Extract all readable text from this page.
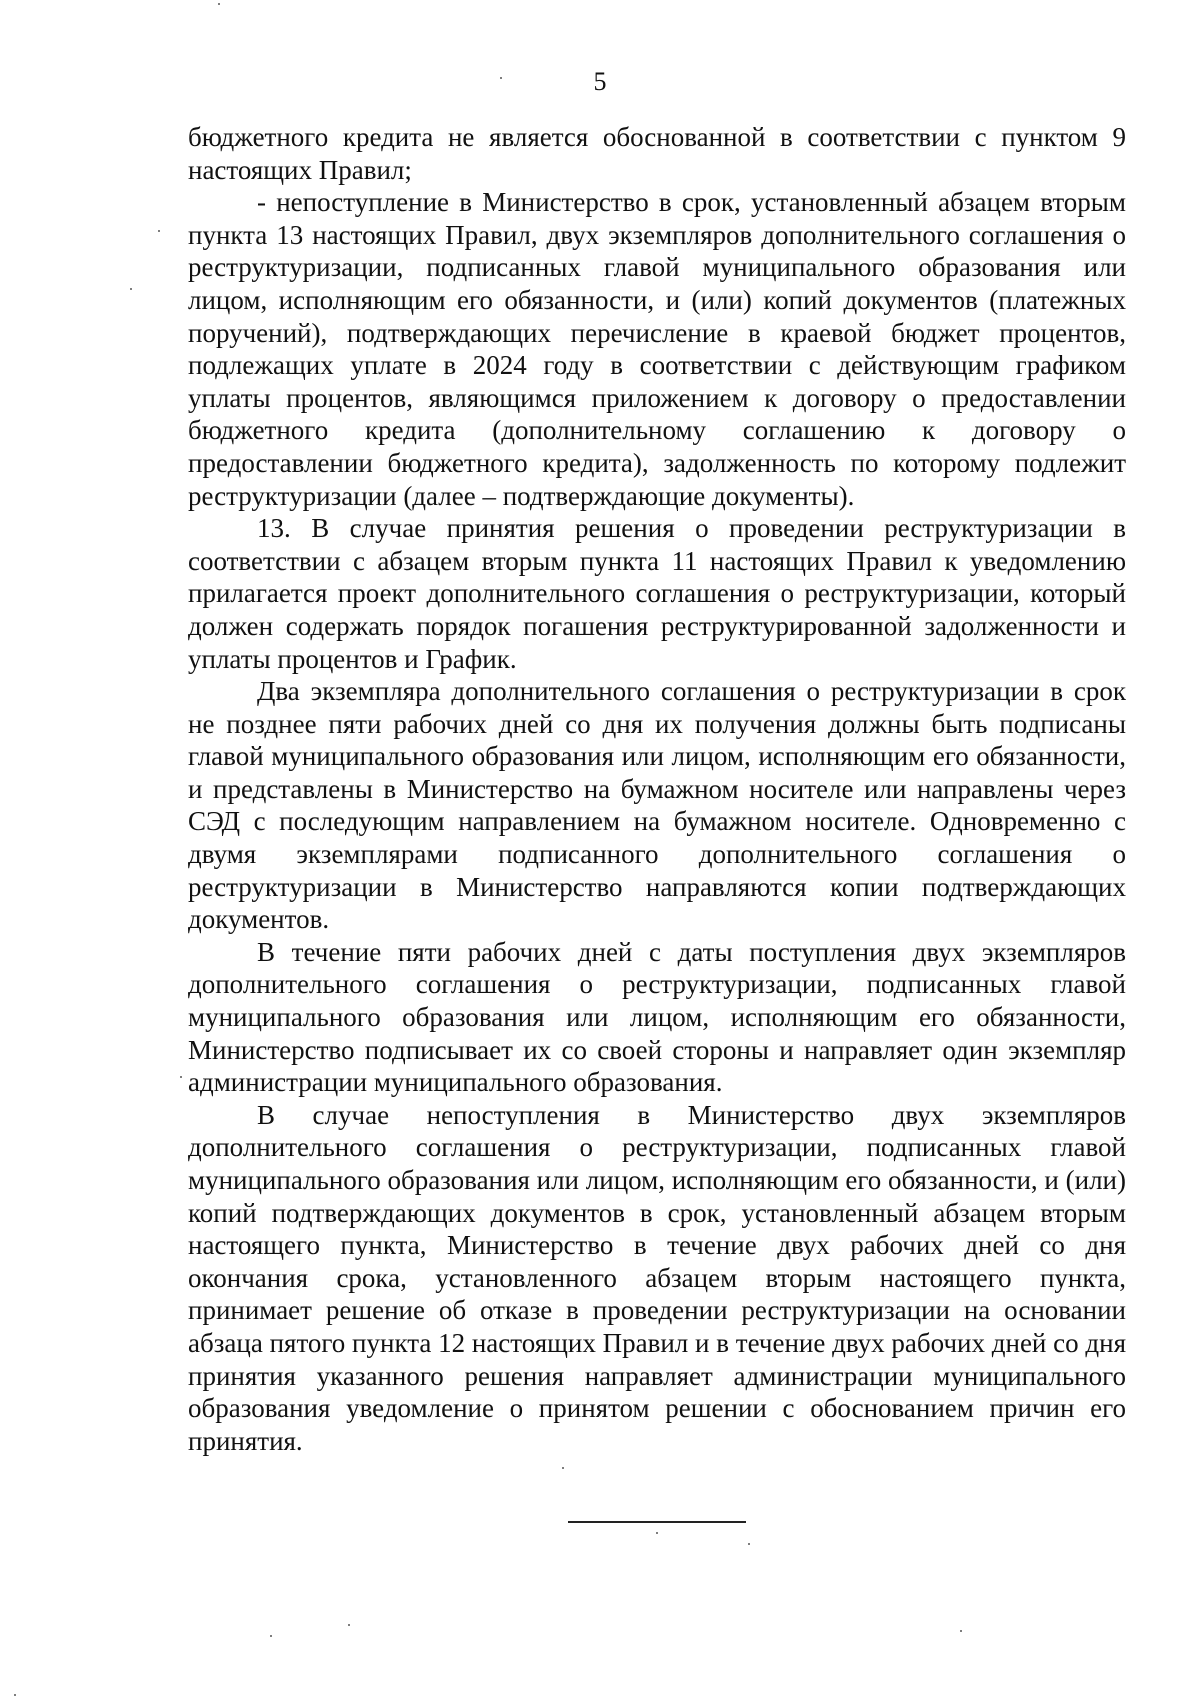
5

бюджетного кредита не является обоснованной в соответствии с пунктом 9 настоящих Правил;

- непоступление в Министерство в срок, установленный абзацем вторым пункта 13 настоящих Правил, двух экземпляров дополнительного соглашения о реструктуризации, подписанных главой муниципального образования или лицом, исполняющим его обязанности, и (или) копий документов (платежных поручений), подтверждающих перечисление в краевой бюджет процентов, подлежащих уплате в 2024 году в соответствии с действующим графиком уплаты процентов, являющимся приложением к договору о предоставлении бюджетного кредита (дополнительному соглашению к договору о предоставлении бюджетного кредита), задолженность по которому подлежит реструктуризации (далее – подтверждающие документы).

13. В случае принятия решения о проведении реструктуризации в соответствии с абзацем вторым пункта 11 настоящих Правил к уведомлению прилагается проект дополнительного соглашения о реструктуризации, который должен содержать порядок погашения реструктурированной задолженности и уплаты процентов и График.

Два экземпляра дополнительного соглашения о реструктуризации в срок не позднее пяти рабочих дней со дня их получения должны быть подписаны главой муниципального образования или лицом, исполняющим его обязанности, и представлены в Министерство на бумажном носителе или направлены через СЭД с последующим направлением на бумажном носителе. Одновременно с двумя экземплярами подписанного дополнительного соглашения о реструктуризации в Министерство направляются копии подтверждающих документов.

В течение пяти рабочих дней с даты поступления двух экземпляров дополнительного соглашения о реструктуризации, подписанных главой муниципального образования или лицом, исполняющим его обязанности, Министерство подписывает их со своей стороны и направляет один экземпляр администрации муниципального образования.

В случае непоступления в Министерство двух экземпляров дополнительного соглашения о реструктуризации, подписанных главой муниципального образования или лицом, исполняющим его обязанности, и (или) копий подтверждающих документов в срок, установленный абзацем вторым настоящего пункта, Министерство в течение двух рабочих дней со дня окончания срока, установленного абзацем вторым настоящего пункта, принимает решение об отказе в проведении реструктуризации на основании абзаца пятого пункта 12 настоящих Правил и в течение двух рабочих дней со дня принятия указанного решения направляет администрации муниципального образования уведомление о принятом решении с обоснованием причин его принятия.
